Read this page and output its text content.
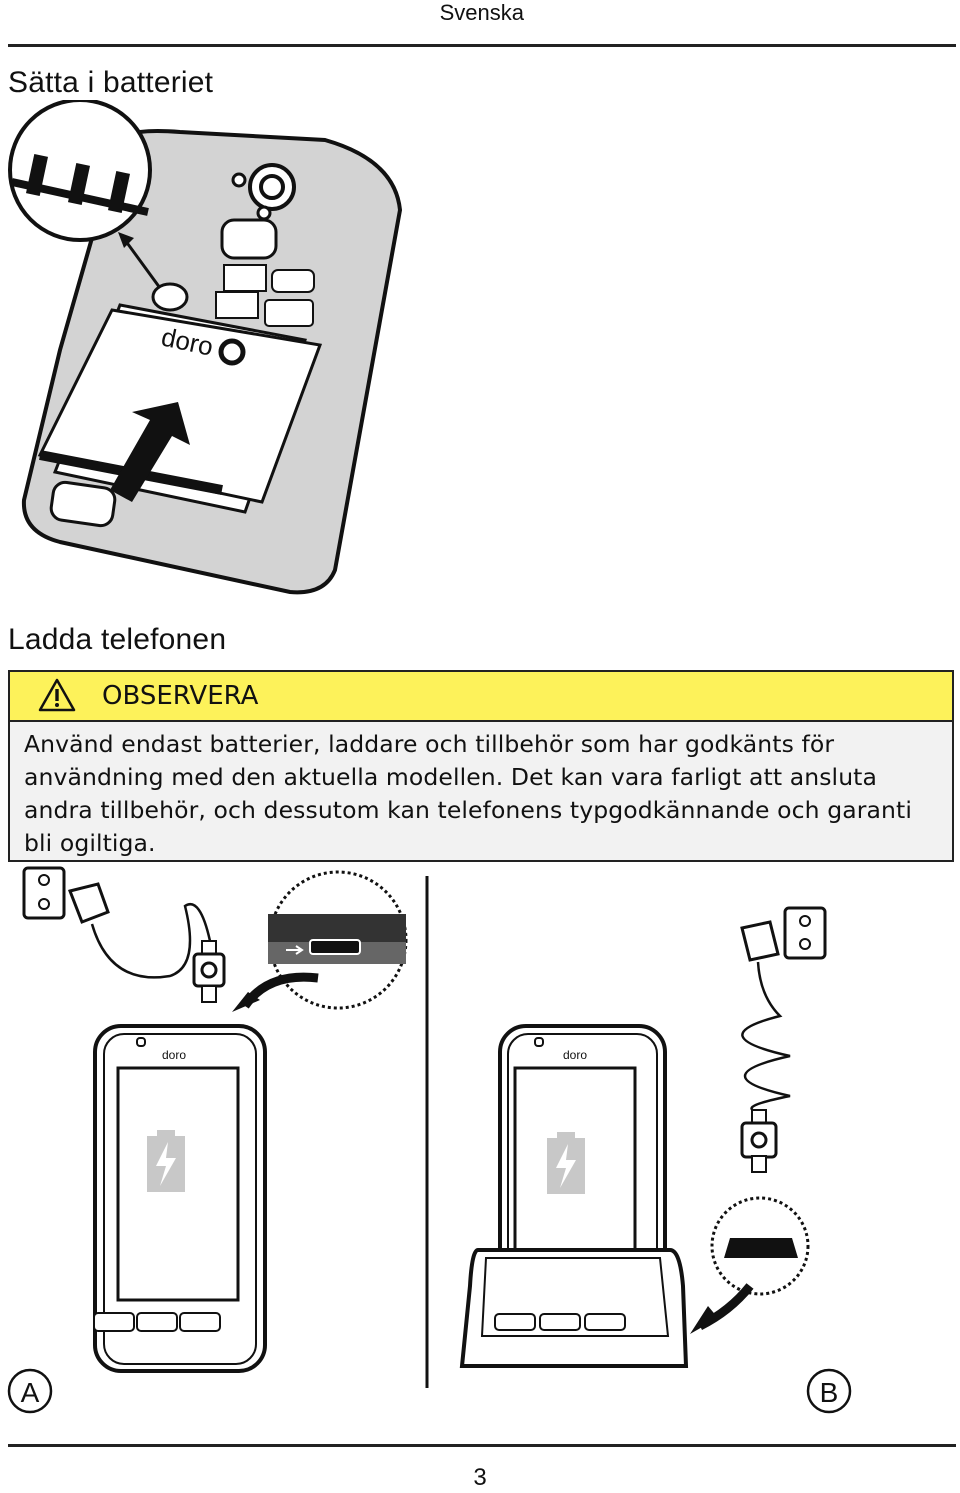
Svenska
Sätta i batteriet
doro
Ladda telefonen
OBSERVERA
Använd endast batterier, laddare och tillbehör som har godkänts för användning med den aktuella modellen. Det kan vara farligt att ansluta andra tillbehör, och dessutom kan telefonens typgodkännande och garanti bli ogiltiga.
doro	doro
A	B
3
